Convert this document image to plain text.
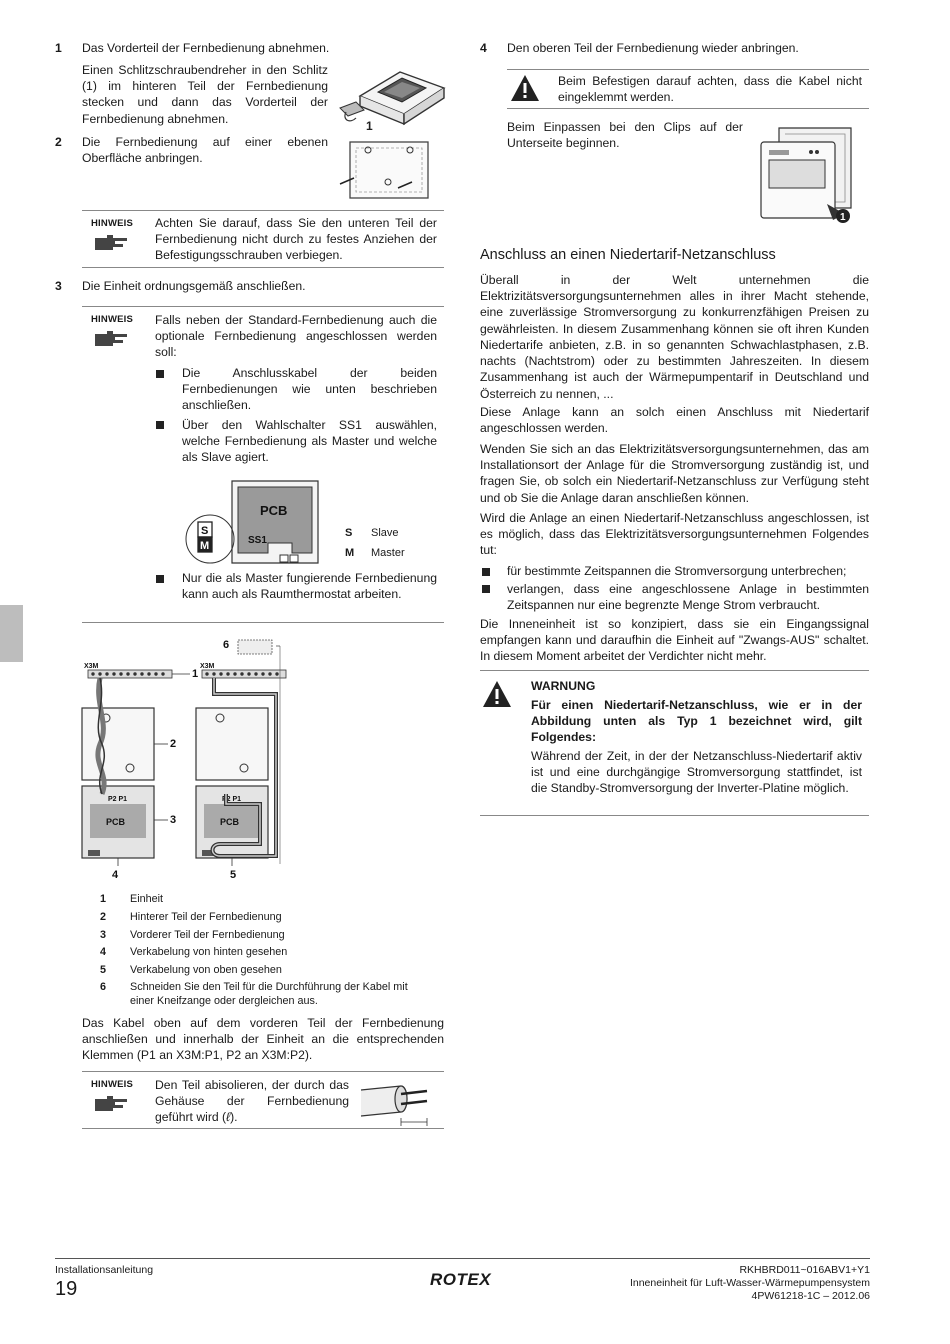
1 Das Vorderteil der Fernbedienung abnehmen.
Einen Schlitzschraubendreher in den Schlitz (1) im hinteren Teil der Fernbedienung stecken und dann das Vorderteil der Fernbedienung abnehmen.
1
2 Die Fernbedienung auf einer ebenen Oberfläche anbringen.
HINWEIS Achten Sie darauf, dass Sie den unteren Teil der Fernbedienung nicht durch zu festes Anziehen der Befestigungsschrauben verbiegen.
3 Die Einheit ordnungsgemäß anschließen.
HINWEIS Falls neben der Standard-Fernbedienung auch die optionale Fernbedienung angeschlossen werden soll:
Die Anschlusskabel der beiden Fernbedienungen wie unten beschrieben anschließen.
Über den Wahlschalter SS1 auswählen, welche Fernbedienung als Master und welche als Slave agiert.
PCB
SS1
S
M
S Slave
M Master
Nur die als Master fungierende Fernbedienung kann auch als Raumthermostat arbeiten.
X3M	X3M
1
6
2
PCB	PCB
P2 P1	P2 P1
3
4	5
1 Einheit
2 Hinterer Teil der Fernbedienung
3 Vorderer Teil der Fernbedienung
4 Verkabelung von hinten gesehen
5 Verkabelung von oben gesehen
6 Schneiden Sie den Teil für die Durchführung der Kabel mit einer Kneifzange oder dergleichen aus.
Das Kabel oben auf dem vorderen Teil der Fernbedienung anschließen und innerhalb der Einheit an die entsprechenden Klemmen (P1 an X3M:P1, P2 an X3M:P2).
HINWEIS Den Teil abisolieren, der durch das Gehäuse der Fernbedienung geführt wird (ℓ).
4 Den oberen Teil der Fernbedienung wieder anbringen.
Beim Befestigen darauf achten, dass die Kabel nicht eingeklemmt werden.
Beim Einpassen bei den Clips auf der Unterseite beginnen.
1
Anschluss an einen Niedertarif-Netzanschluss
Überall in der Welt unternehmen die Elektrizitätsversorgungsunternehmen alles in ihrer Macht stehende, eine zuverlässige Stromversorgung zu konkurrenzfähigen Preisen zu gewährleisten. In diesem Zusammenhang können sie oft ihren Kunden Niedertarife anbieten, z.B. in so genannten Schwachlastphasen, z.B. nachts (Nachtstrom) oder zu bestimmten Jahreszeiten. In diesem Zusammenhang ist auch der Wärmepumpentarif in Deutschland und Österreich zu nennen, ...
Diese Anlage kann an solch einen Anschluss mit Niedertarif angeschlossen werden.
Wenden Sie sich an das Elektrizitätsversorgungsunternehmen, das am Installationsort der Anlage für die Stromversorgung zuständig ist, und fragen Sie, ob solch ein Niedertarif-Netzanschluss zur Verfügung steht und ob Sie die Anlage daran anschließen können.
Wird die Anlage an einen Niedertarif-Netzanschluss angeschlossen, ist es möglich, dass das Elektrizitätsversorgungsunternehmen Folgendes tut:
für bestimmte Zeitspannen die Stromversorgung unterbrechen;
verlangen, dass eine angeschlossene Anlage in bestimmten Zeitspannen nur eine begrenzte Menge Strom verbraucht.
Die Inneneinheit ist so konzipiert, dass sie ein Eingangssignal empfangen kann und daraufhin die Einheit auf "Zwangs-AUS" schaltet. In diesem Moment arbeitet der Verdichter nicht mehr.
WARNUNG
Für einen Niedertarif-Netzanschluss, wie er in der Abbildung unten als Typ 1 bezeichnet wird, gilt Folgendes:
Während der Zeit, in der der Netzanschluss-Niedertarif aktiv ist und eine durchgängige Stromversorgung stattfindet, ist die Standby-Stromversorgung der Inverter-Platine möglich.
Installationsanleitung
19	ROTEX	RKHBRD011~016ABV1+Y1
Inneneinheit für Luft-Wasser-Wärmepumpensystem
4PW61218-1C – 2012.06
